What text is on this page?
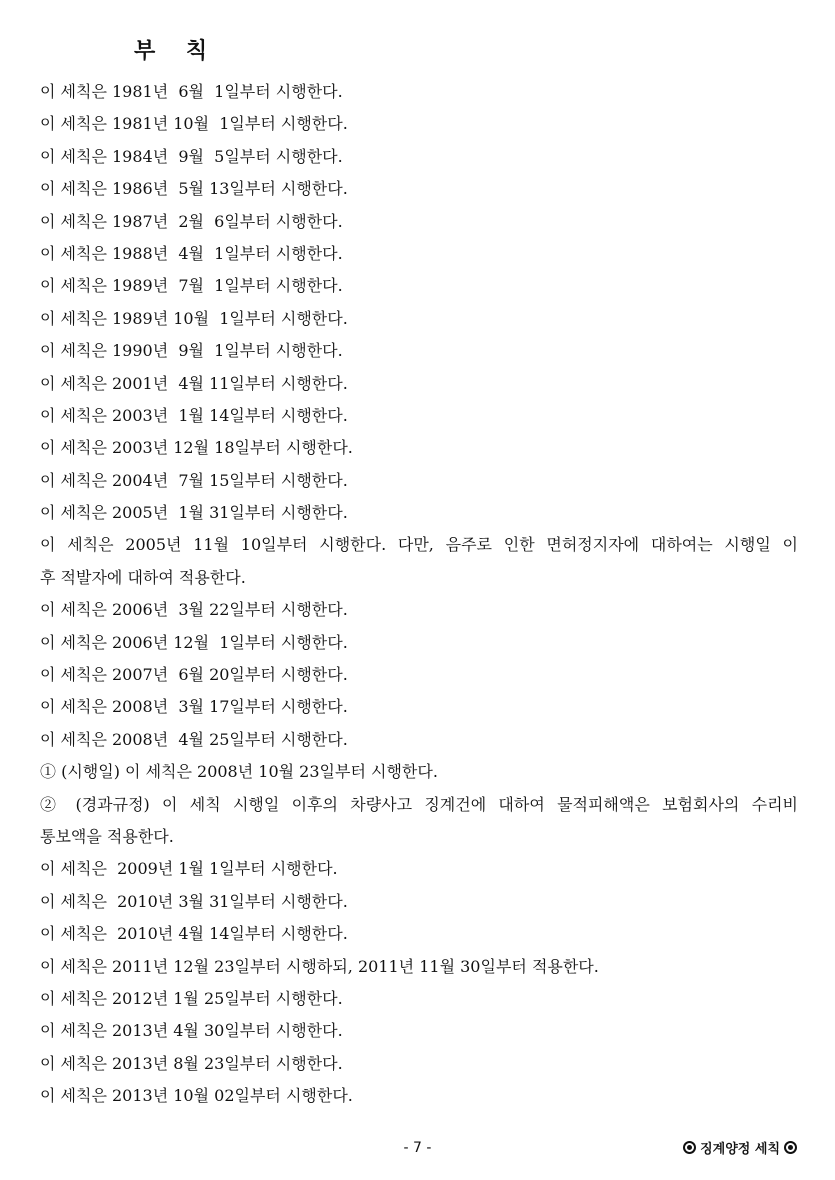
부    칙
이 세칙은 1981년  6월  1일부터 시행한다.
이 세칙은 1981년 10월  1일부터 시행한다.
이 세칙은 1984년  9월  5일부터 시행한다.
이 세칙은 1986년  5월 13일부터 시행한다.
이 세칙은 1987년  2월  6일부터 시행한다.
이 세칙은 1988년  4월  1일부터 시행한다.
이 세칙은 1989년  7월  1일부터 시행한다.
이 세칙은 1989년 10월  1일부터 시행한다.
이 세칙은 1990년  9월  1일부터 시행한다.
이 세칙은 2001년  4월 11일부터 시행한다.
이 세칙은 2003년  1월 14일부터 시행한다.
이 세칙은 2003년 12월 18일부터 시행한다.
이 세칙은 2004년  7월 15일부터 시행한다.
이 세칙은 2005년  1월 31일부터 시행한다.
이 세칙은 2005년 11월 10일부터 시행한다. 다만, 음주로 인한 면허정지자에 대하여는 시행일 이
후 적발자에 대하여 적용한다.
이 세칙은 2006년  3월 22일부터 시행한다.
이 세칙은 2006년 12월  1일부터 시행한다.
이 세칙은 2007년  6월 20일부터 시행한다.
이 세칙은 2008년  3월 17일부터 시행한다.
이 세칙은 2008년  4월 25일부터 시행한다.
① (시행일) 이 세칙은 2008년 10월 23일부터 시행한다.
② (경과규정) 이 세칙 시행일 이후의 차량사고 징계건에 대하여 물적피해액은 보험회사의 수리비
통보액을 적용한다.
이 세칙은  2009년 1월 1일부터 시행한다.
이 세칙은  2010년 3월 31일부터 시행한다.
이 세칙은  2010년 4월 14일부터 시행한다.
이 세칙은 2011년 12월 23일부터 시행하되, 2011년 11월 30일부터 적용한다.
이 세칙은 2012년 1월 25일부터 시행한다.
이 세칙은 2013년 4월 30일부터 시행한다.
이 세칙은 2013년 8월 23일부터 시행한다.
이 세칙은 2013년 10월 02일부터 시행한다.
- 7 -	징계양정 세칙
